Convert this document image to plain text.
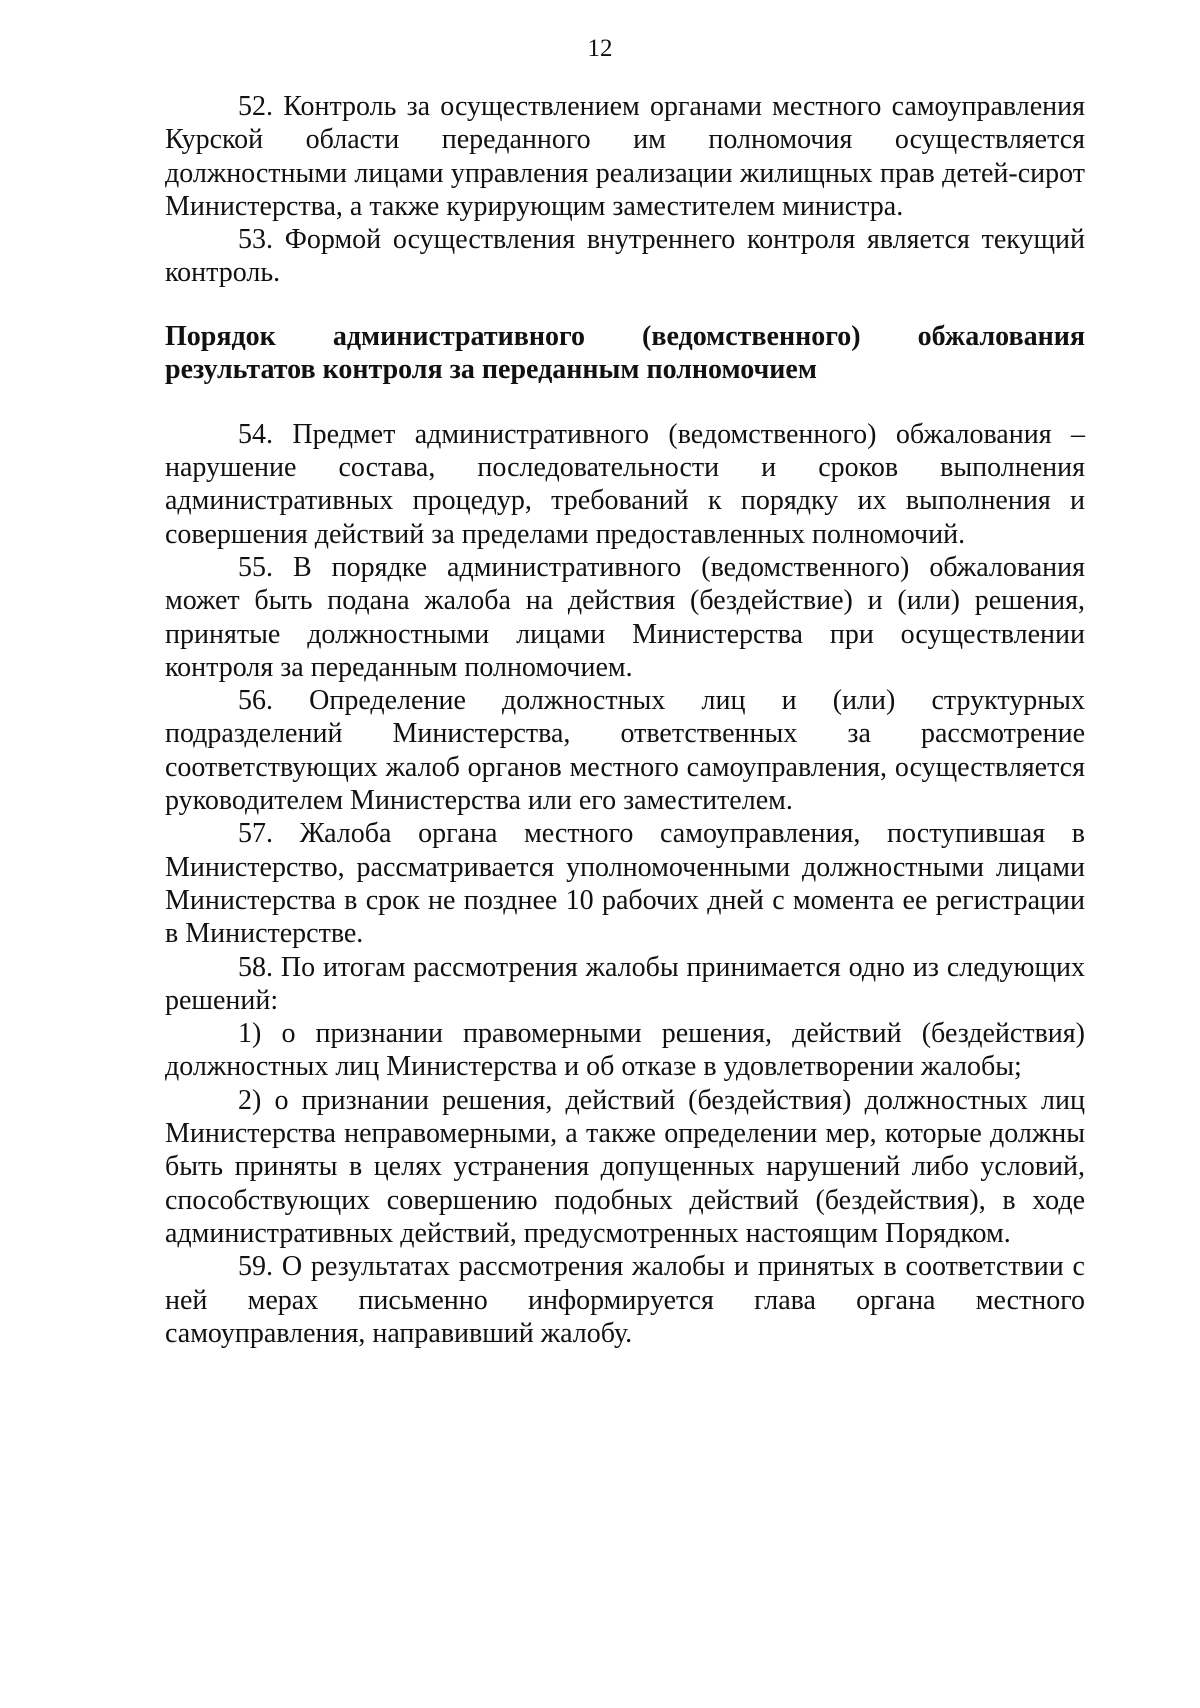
12

52. Контроль за осуществлением органами местного самоуправления Курской области переданного им полномочия осуществляется должностными лицами управления реализации жилищных прав детей-сирот Министерства, а также курирующим заместителем министра.

53. Формой осуществления внутреннего контроля является текущий контроль.

Порядок административного (ведомственного) обжалования результатов контроля за переданным полномочием

54. Предмет административного (ведомственного) обжалования – нарушение состава, последовательности и сроков выполнения административных процедур, требований к порядку их выполнения и совершения действий за пределами предоставленных полномочий.

55. В порядке административного (ведомственного) обжалования может быть подана жалоба на действия (бездействие) и (или) решения, принятые должностными лицами Министерства при осуществлении контроля за переданным полномочием.

56. Определение должностных лиц и (или) структурных подразделений Министерства, ответственных за рассмотрение соответствующих жалоб органов местного самоуправления, осуществляется руководителем Министерства или его заместителем.

57. Жалоба органа местного самоуправления, поступившая в Министерство, рассматривается уполномоченными должностными лицами Министерства в срок не позднее 10 рабочих дней с момента ее регистрации в Министерстве.

58. По итогам рассмотрения жалобы принимается одно из следующих решений:

1) о признании правомерными решения, действий (бездействия) должностных лиц Министерства и об отказе в удовлетворении жалобы;

2) о признании решения, действий (бездействия) должностных лиц Министерства неправомерными, а также определении мер, которые должны быть приняты в целях устранения допущенных нарушений либо условий, способствующих совершению подобных действий (бездействия), в ходе административных действий, предусмотренных настоящим Порядком.

59. О результатах рассмотрения жалобы и принятых в соответствии с ней мерах письменно информируется глава органа местного самоуправления, направивший жалобу.
